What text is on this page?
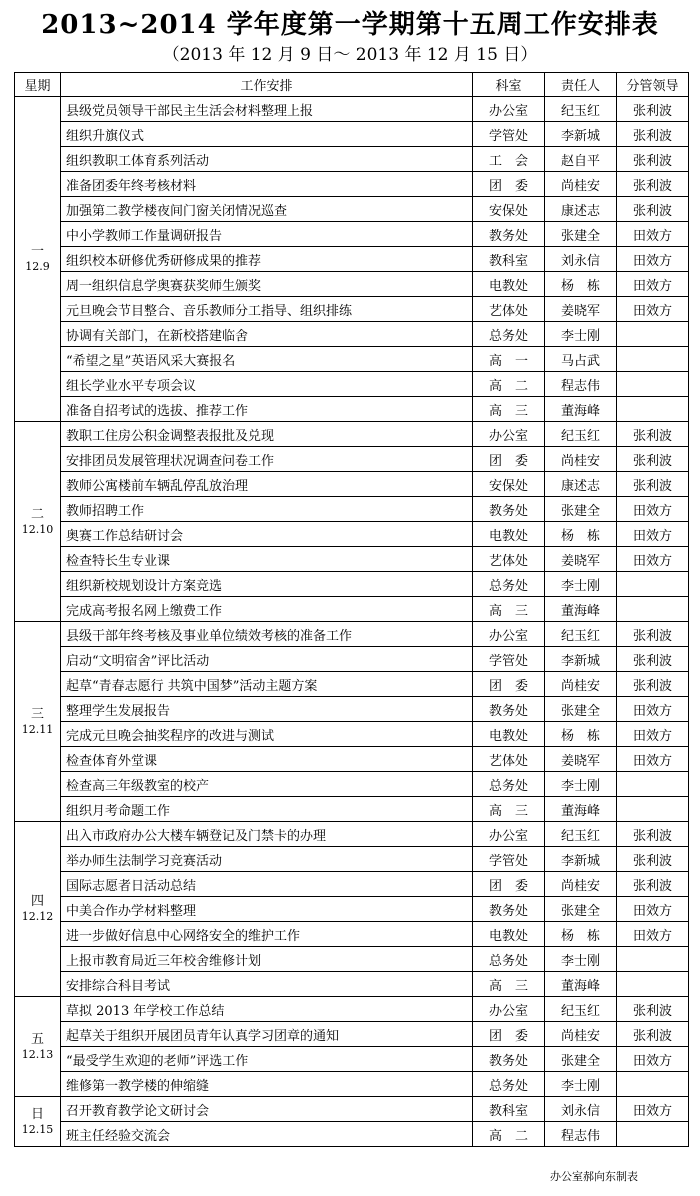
2013~2014 学年度第一学期第十五周工作安排表
（2013 年 12 月 9 日～ 2013 年 12 月 15 日）
星期	工作安排	科室	责任人	分管领导

一
12.9	县级党员领导干部民主生活会材料整理上报	办公室	纪玉红	张利波
	组织升旗仪式	学管处	李新城	张利波
	组织教职工体育系列活动	工　会	赵自平	张利波
	准备团委年终考核材料	团　委	尚桂安	张利波
	加强第二教学楼夜间门窗关闭情况巡查	安保处	康述志	张利波
	中小学教师工作量调研报告	教务处	张建全	田效方
	组织校本研修优秀研修成果的推荐	教科室	刘永信	田效方
	周一组织信息学奥赛获奖师生颁奖	电教处	杨　栋	田效方
	元旦晚会节目整合、音乐教师分工指导、组织排练	艺体处	姜晓军	田效方
	协调有关部门，在新校搭建临舍	总务处	李士刚	
	“希望之星”英语风采大赛报名	高　一	马占武	
	组长学业水平专项会议	高　二	程志伟	
	准备自招考试的选拔、推荐工作	高　三	董海峰	

二
12.10	教职工住房公积金调整表报批及兑现	办公室	纪玉红	张利波
	安排团员发展管理状况调查问卷工作	团　委	尚桂安	张利波
	教师公寓楼前车辆乱停乱放治理	安保处	康述志	张利波
	教师招聘工作	教务处	张建全	田效方
	奥赛工作总结研讨会	电教处	杨　栋	田效方
	检查特长生专业课	艺体处	姜晓军	田效方
	组织新校规划设计方案竞选	总务处	李士刚	
	完成高考报名网上缴费工作	高　三	董海峰	

三
12.11	县级干部年终考核及事业单位绩效考核的准备工作	办公室	纪玉红	张利波
	启动“文明宿舍”评比活动	学管处	李新城	张利波
	起草“青春志愿行 共筑中国梦”活动主题方案	团　委	尚桂安	张利波
	整理学生发展报告	教务处	张建全	田效方
	完成元旦晚会抽奖程序的改进与测试	电教处	杨　栋	田效方
	检查体育外堂课	艺体处	姜晓军	田效方
	检查高三年级教室的校产	总务处	李士刚	
	组织月考命题工作	高　三	董海峰	

四
12.12	出入市政府办公大楼车辆登记及门禁卡的办理	办公室	纪玉红	张利波
	举办师生法制学习竞赛活动	学管处	李新城	张利波
	国际志愿者日活动总结	团　委	尚桂安	张利波
	中美合作办学材料整理	教务处	张建全	田效方
	进一步做好信息中心网络安全的维护工作	电教处	杨　栋	田效方
	上报市教育局近三年校舍维修计划	总务处	李士刚	
	安排综合科目考试	高　三	董海峰	

五
12.13	草拟 2013 年学校工作总结	办公室	纪玉红	张利波
	起草关于组织开展团员青年认真学习团章的通知	团　委	尚桂安	张利波
	“最受学生欢迎的老师”评选工作	教务处	张建全	田效方
	维修第一教学楼的伸缩缝	总务处	李士刚	

日
12.15	召开教育教学论文研讨会	教科室	刘永信	田效方
	班主任经验交流会	高　二	程志伟	
办公室郝向东制表
